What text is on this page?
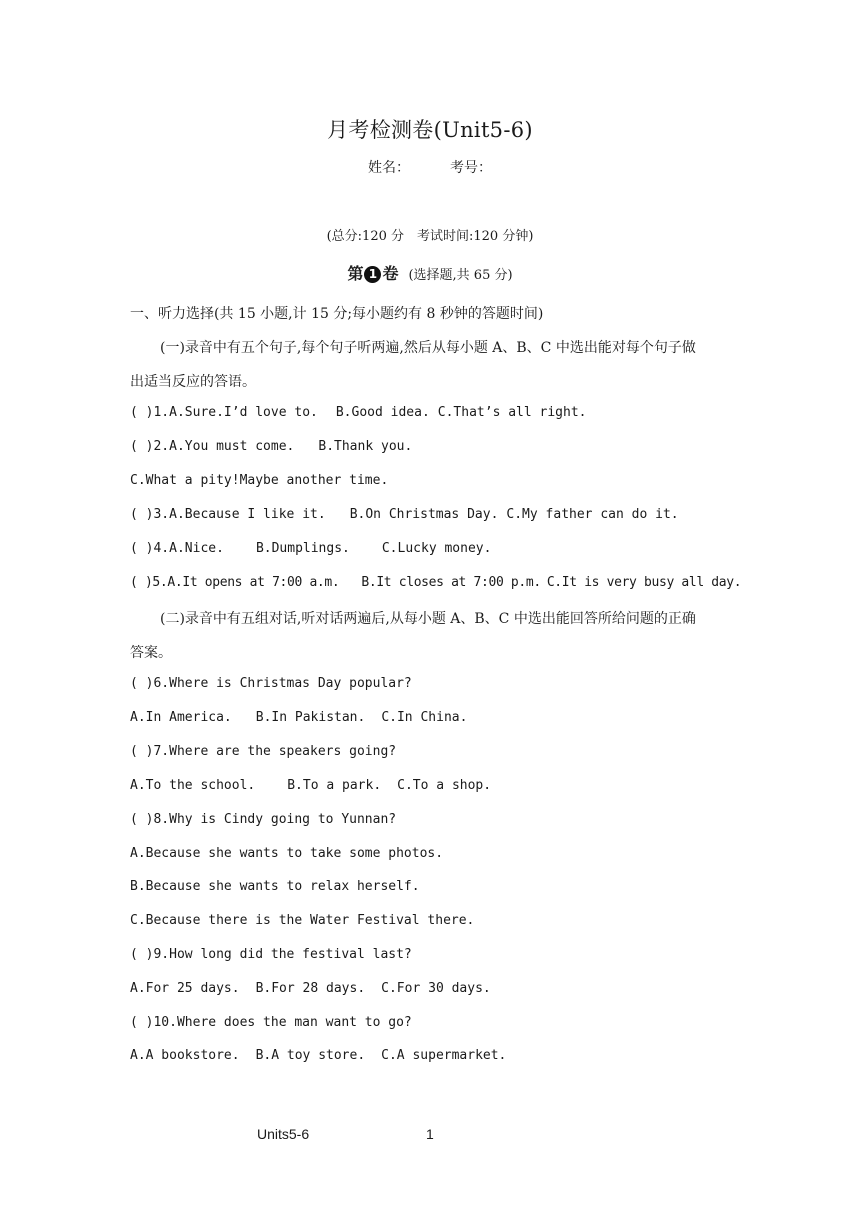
月考检测卷(Unit5-6)
姓名：	考号：
(总分:120 分　考试时间:120 分钟)
第 1 卷 (选择题,共 65 分)
一、听力选择(共 15 小题,计 15 分;每小题约有 8 秒钟的答题时间)
(一)录音中有五个句子,每个句子听两遍,然后从每小题 A、B、C 中选出能对每个句子做
出适当反应的答语。
( )1.A.Sure.I’d love to. B.Good idea. C.That’s all right.
( )2.A.You must come. B.Thank you.
C.What a pity!Maybe another time.
( )3.A.Because I like it. B.On Christmas Day. C.My father can do it.
( )4.A.Nice. B.Dumplings. C.Lucky money.
( )5.A.It opens at 7:00 a.m. B.It closes at 7:00 p.m. C.It is very busy all day.
(二)录音中有五组对话,听对话两遍后,从每小题 A、B、C 中选出能回答所给问题的正确
答案。
( )6.Where is Christmas Day popular?
A.In America. B.In Pakistan. C.In China.
( )7.Where are the speakers going?
A.To the school. B.To a park. C.To a shop.
( )8.Why is Cindy going to Yunnan?
A.Because she wants to take some photos.
B.Because she wants to relax herself.
C.Because there is the Water Festival there.
( )9.How long did the festival last?
A.For 25 days. B.For 28 days. C.For 30 days.
( )10.Where does the man want to go?
A.A bookstore. B.A toy store. C.A supermarket.
Units5-6	1
